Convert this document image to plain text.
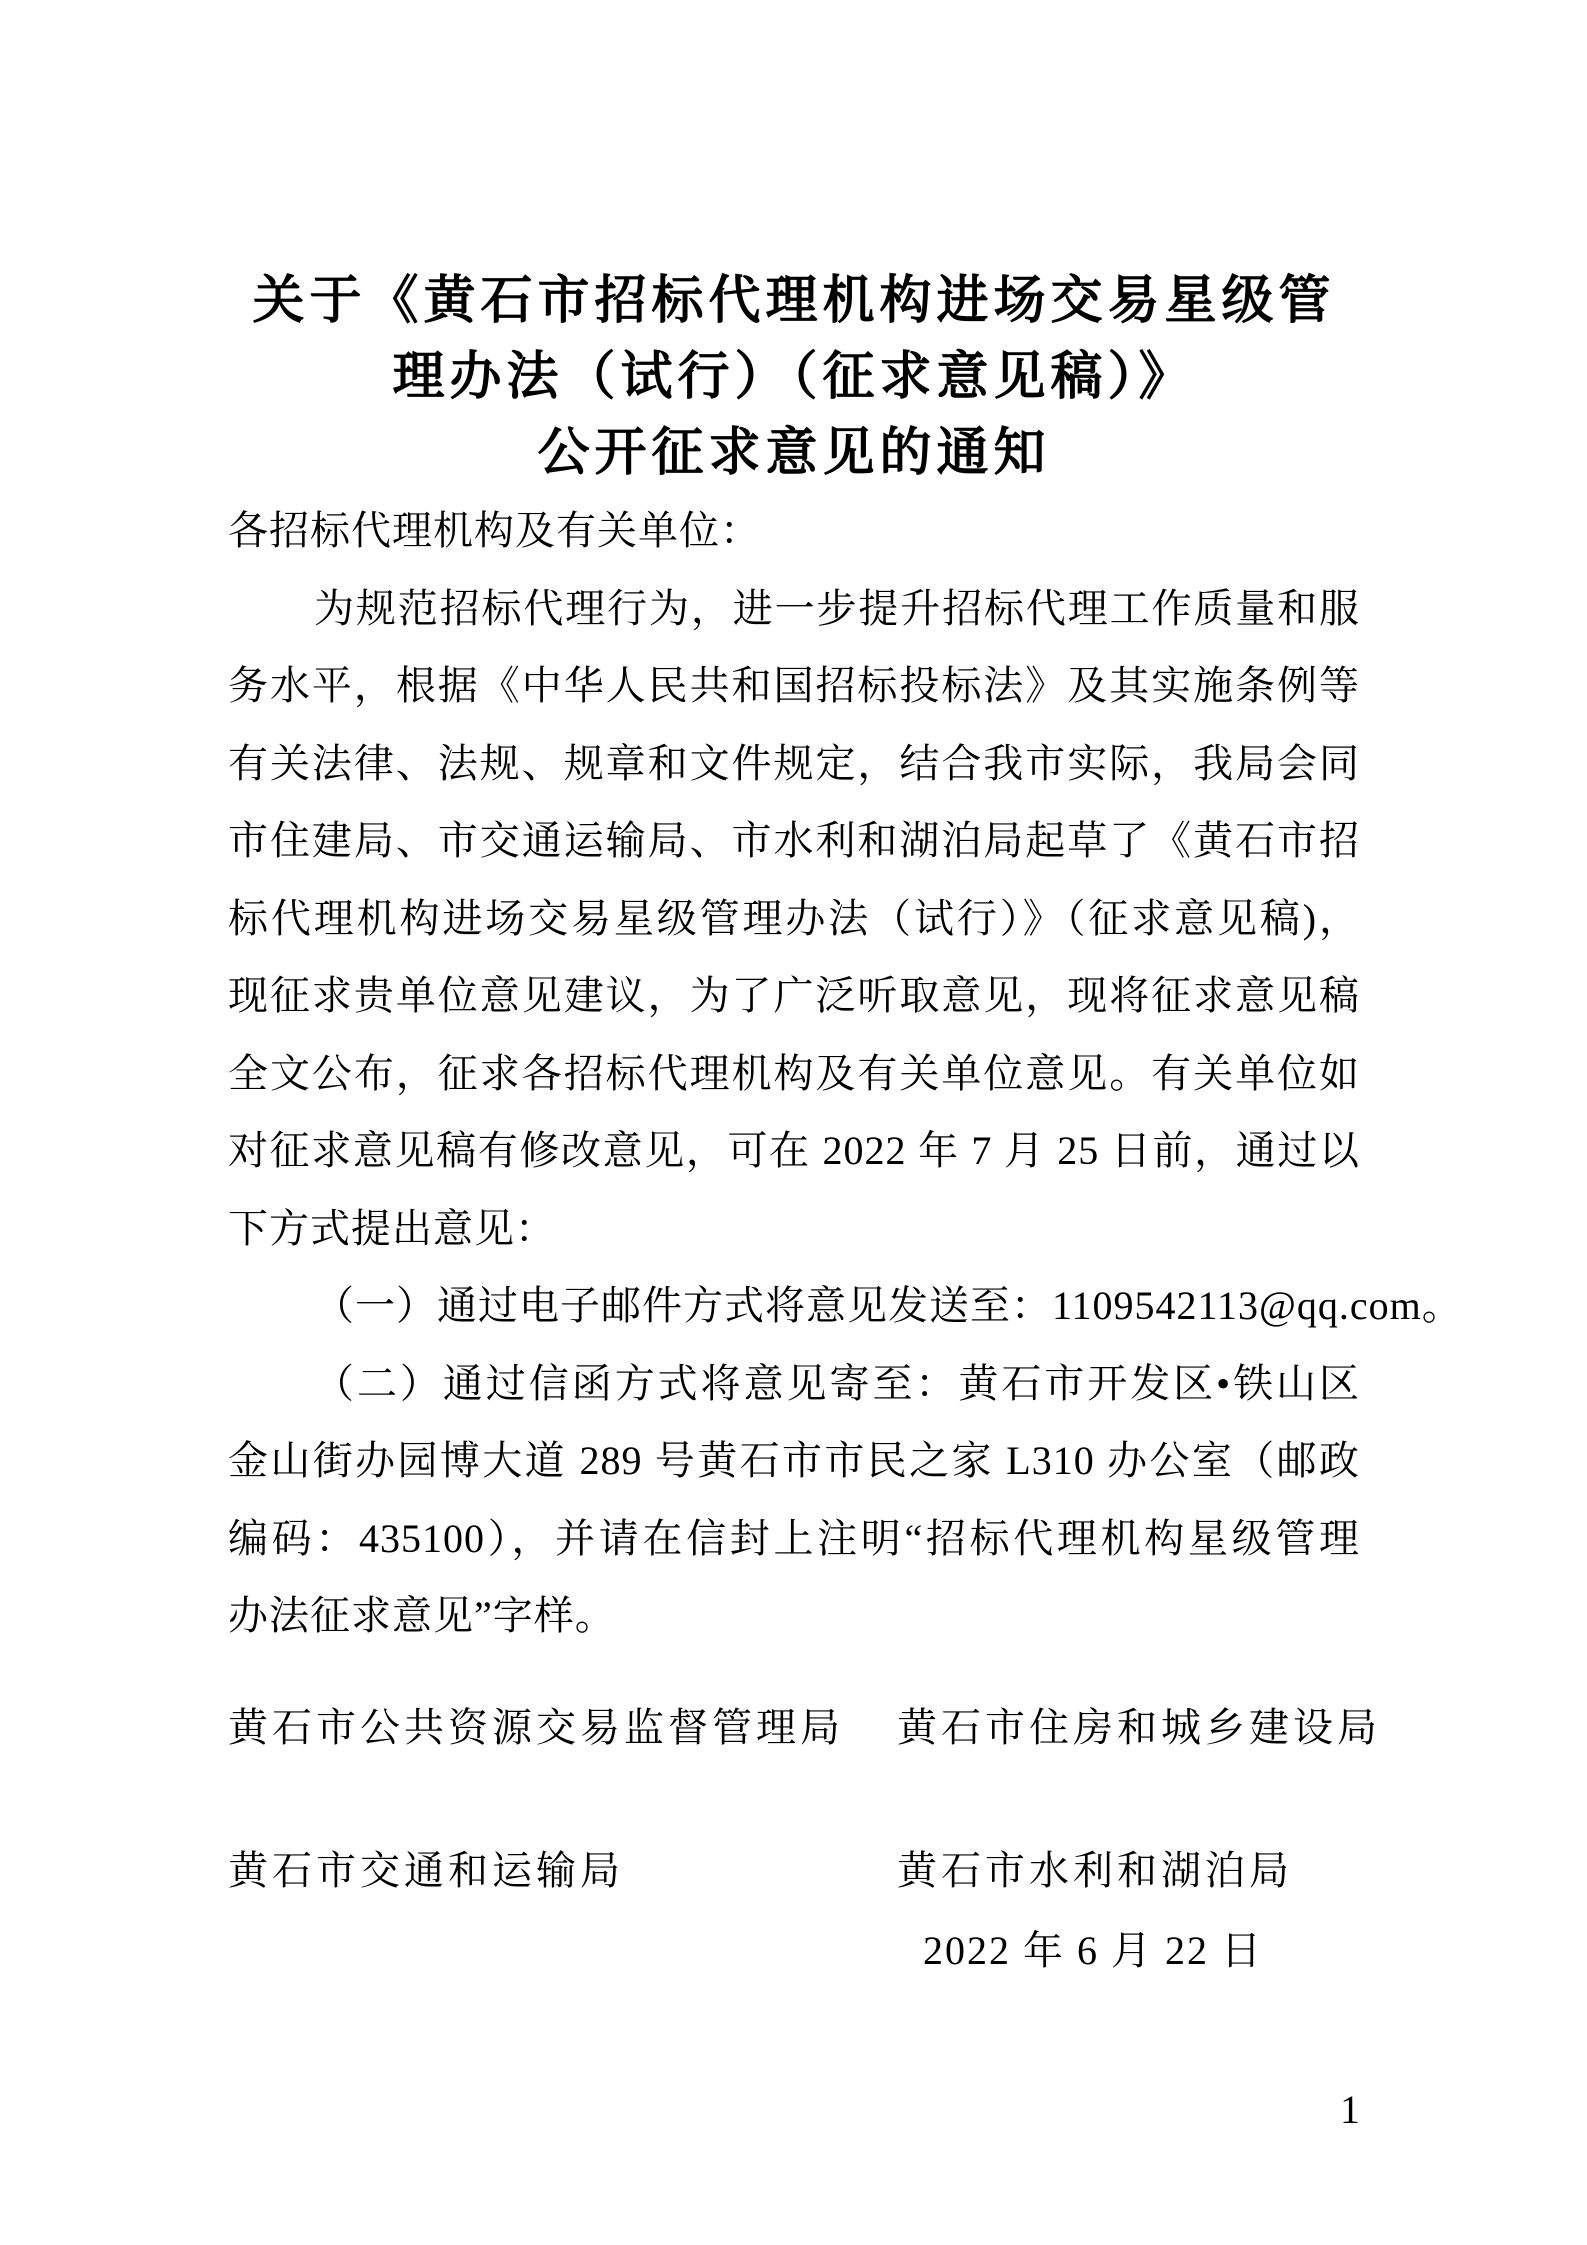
关于《黄石市招标代理机构进场交易星级管
理办法（试行）（征求意见稿）》
公开征求意见的通知
各招标代理机构及有关单位：
为规范招标代理行为，进一步提升招标代理工作质量和服
务水平，根据《中华人民共和国招标投标法》及其实施条例等
有关法律、法规、规章和文件规定，结合我市实际，我局会同
市住建局、市交通运输局、市水利和湖泊局起草了《黄石市招
标代理机构进场交易星级管理办法（试行）》（征求意见稿)，
现征求贵单位意见建议，为了广泛听取意见，现将征求意见稿
全文公布，征求各招标代理机构及有关单位意见。有关单位如
对征求意见稿有修改意见，可在 2022 年 7 月 25 日前，通过以
下方式提出意见：
（一）通过电子邮件方式将意见发送至：1109542113@qq.com。
（二）通过信函方式将意见寄至：黄石市开发区•铁山区
金山街办园博大道 289 号黄石市市民之家 L310 办公室（邮政
编码：435100），并请在信封上注明“招标代理机构星级管理
办法征求意见”字样。
黄石市公共资源交易监督管理局 黄石市住房和城乡建设局
黄石市交通和运输局	黄石市水利和湖泊局
2022 年 6 月 22 日
1
